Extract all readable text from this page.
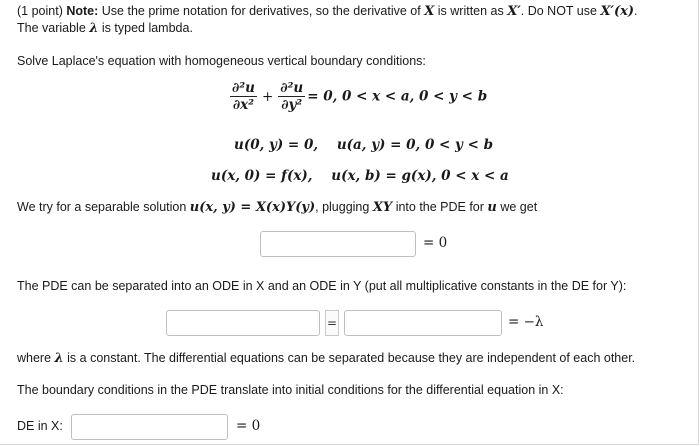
(1 point) Note: Use the prime notation for derivatives, so the derivative of X is written as X′. Do NOT use X′(x).
The variable λ is typed lambda.
Solve Laplace's equation with homogeneous vertical boundary conditions:
$\frac{\text{∂²u}}{\text{∂x²}} + \frac{\text{∂²u}}{\text{∂y²}} = 0$, 0 < x < a, 0 < y < b
u(0, y) = 0, u(a, y) = 0, 0 < y < b
u(x, 0) = f(x), u(x, b) = g(x), 0 < x < a
We try for a separable solution u(x, y) = X(x)Y(y), plugging XY into the PDE for u we get
= 0
The PDE can be separated into an ODE in X and an ODE in Y (put all multiplicative constants in the DE for Y):
=	= −λ
where λ is a constant. The differential equations can be separated because they are independent of each other.
The boundary conditions in the PDE translate into initial conditions for the differential equation in X:
DE in X:	= 0
